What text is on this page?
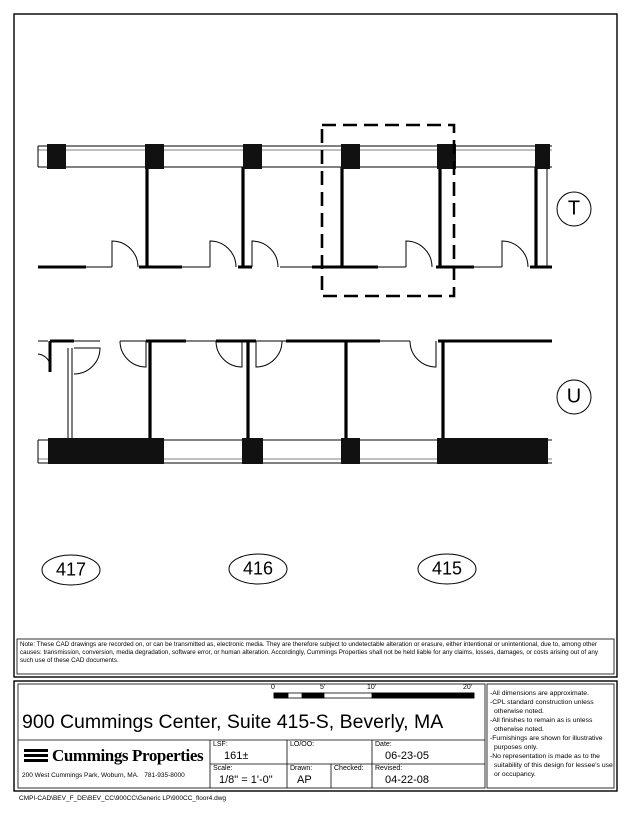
T
U
417	416	415
Note: These CAD drawings are recorded on, or can be transmitted as, electronic media. They are therefore subject to undetectable alteration or erasure, either intentional or unintentional, due to, among other causes: transmission, conversion, media degradation, software error, or human alteration. Accordingly, Cummings Properties shall not be held liable for any claims, losses, damages, or costs arising out of any such use of these CAD documents.
0	5'	10'	20'
900 Cummings Center, Suite 415-S, Beverly, MA
Cummings Properties
200 West Cummings Park, Woburn, MA. 781-935-8000
LSF:
161±
LO/OO:	Date:
06-23-05
Scale:
1/8" = 1'-0"
Drawn:
AP
Checked: Revised:
04-22-08
-All dimensions are approximate.
-CPL standard construction unless otherwise noted.
-All finishes to remain as is unless otherwise noted.
-Furnishings are shown for illustrative purposes only.
-No representation is made as to the suitability of this design for lessee's use or occupancy.
CMPI-CAD\BEV_F_DE\BEV_CC\900CC\Generic LP\900CC_floor4.dwg
